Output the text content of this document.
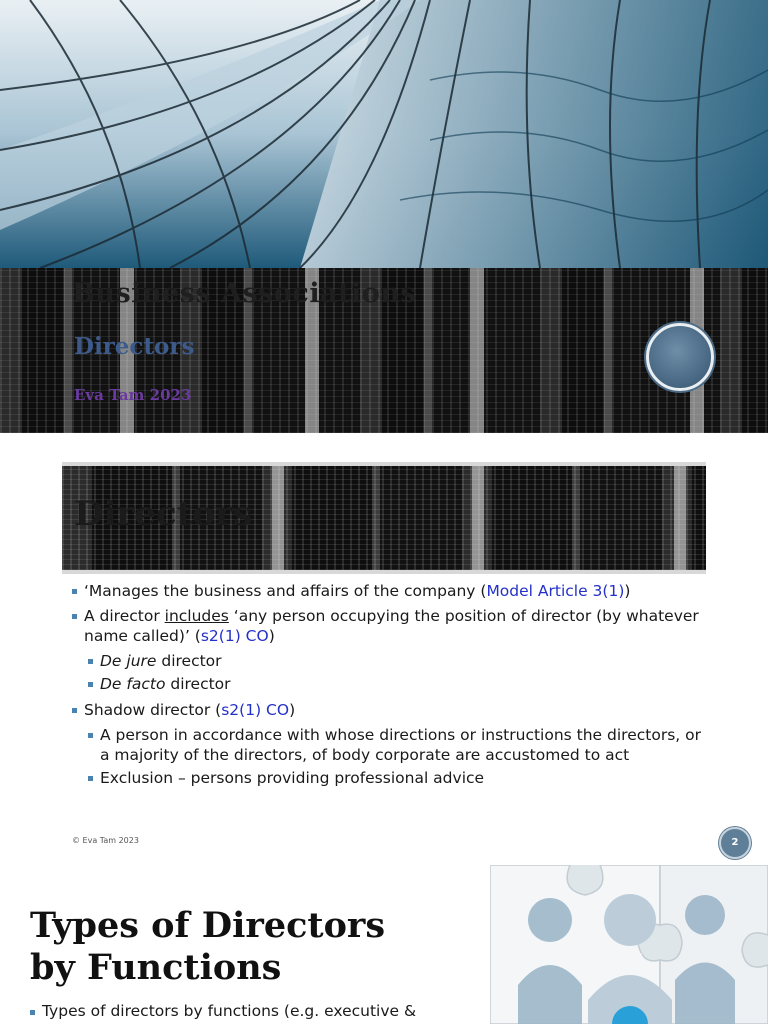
Business Associations
Directors
Eva Tam 2023
Directors
‘Manages the business and affairs of the company (Model Article 3(1))
A director includes ‘any person occupying the position of director (by whatever name called)’ (s2(1) CO)
De jure director
De facto director
Shadow director (s2(1) CO)
A person in accordance with whose directions or instructions the directors, or a majority of the directors, of body corporate are accustomed to act
Exclusion – persons providing professional advice
© Eva Tam 2023	2
Types of Directors
by Functions
Types of directors by functions (e.g. executive &
